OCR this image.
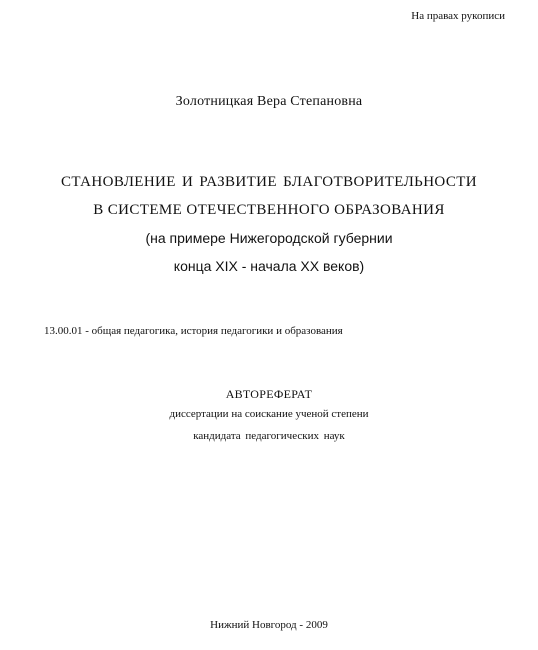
На правах рукописи
Золотницкая Вера Степановна
СТАНОВЛЕНИЕ И РАЗВИТИЕ БЛАГОТВОРИТЕЛЬНОСТИ
В СИСТЕМЕ ОТЕЧЕСТВЕННОГО ОБРАЗОВАНИЯ
(на примере Нижегородской губернии
конца XIX - начала XX веков)
13.00.01 - общая педагогика, история педагогики и образования
АВТОРЕФЕРАТ
диссертации на соискание ученой степени
кандидата педагогических наук
Нижний Новгород - 2009
